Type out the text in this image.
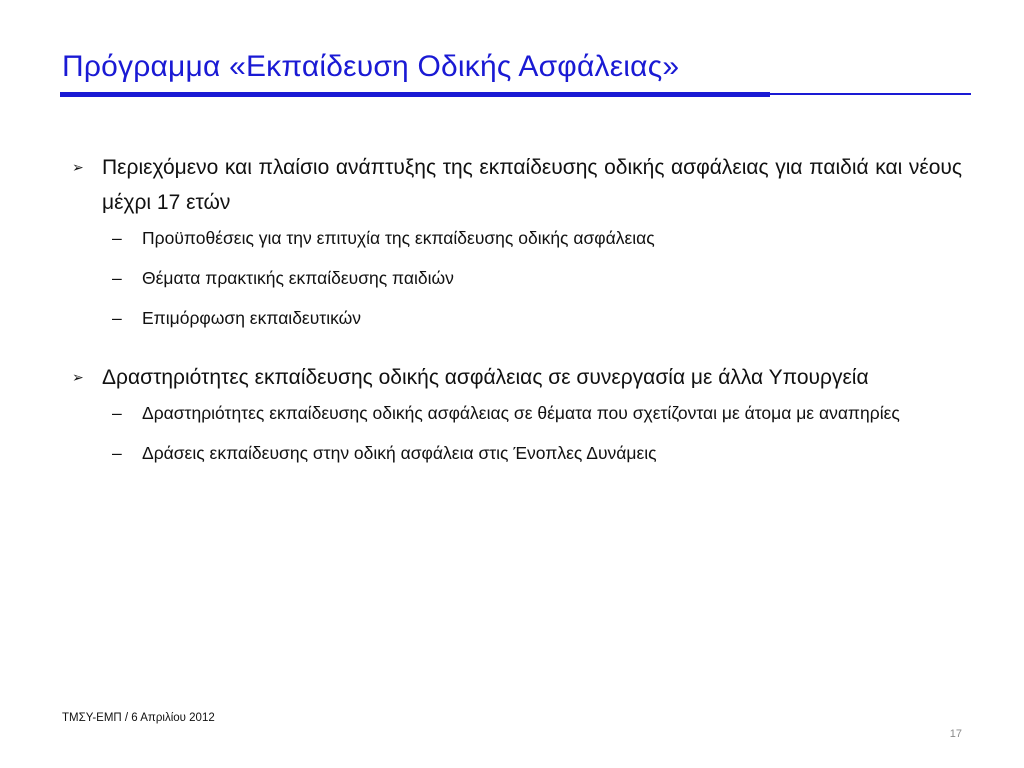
Πρόγραμμα «Εκπαίδευση Οδικής Ασφάλειας»
➢ Περιεχόμενο και πλαίσιο ανάπτυξης της εκπαίδευσης οδικής ασφάλειας για παιδιά και νέους μέχρι 17 ετών
– Προϋποθέσεις για την επιτυχία της εκπαίδευσης οδικής ασφάλειας
– Θέματα πρακτικής εκπαίδευσης παιδιών
– Επιμόρφωση εκπαιδευτικών
➢ Δραστηριότητες εκπαίδευσης οδικής ασφάλειας σε συνεργασία με άλλα Υπουργεία
– Δραστηριότητες εκπαίδευσης οδικής ασφάλειας σε θέματα που σχετίζονται με άτομα με αναπηρίες
– Δράσεις εκπαίδευσης στην οδική ασφάλεια στις Ένοπλες Δυνάμεις
ΤΜΣΥ-ΕΜΠ / 6 Απριλίου 2012
17
